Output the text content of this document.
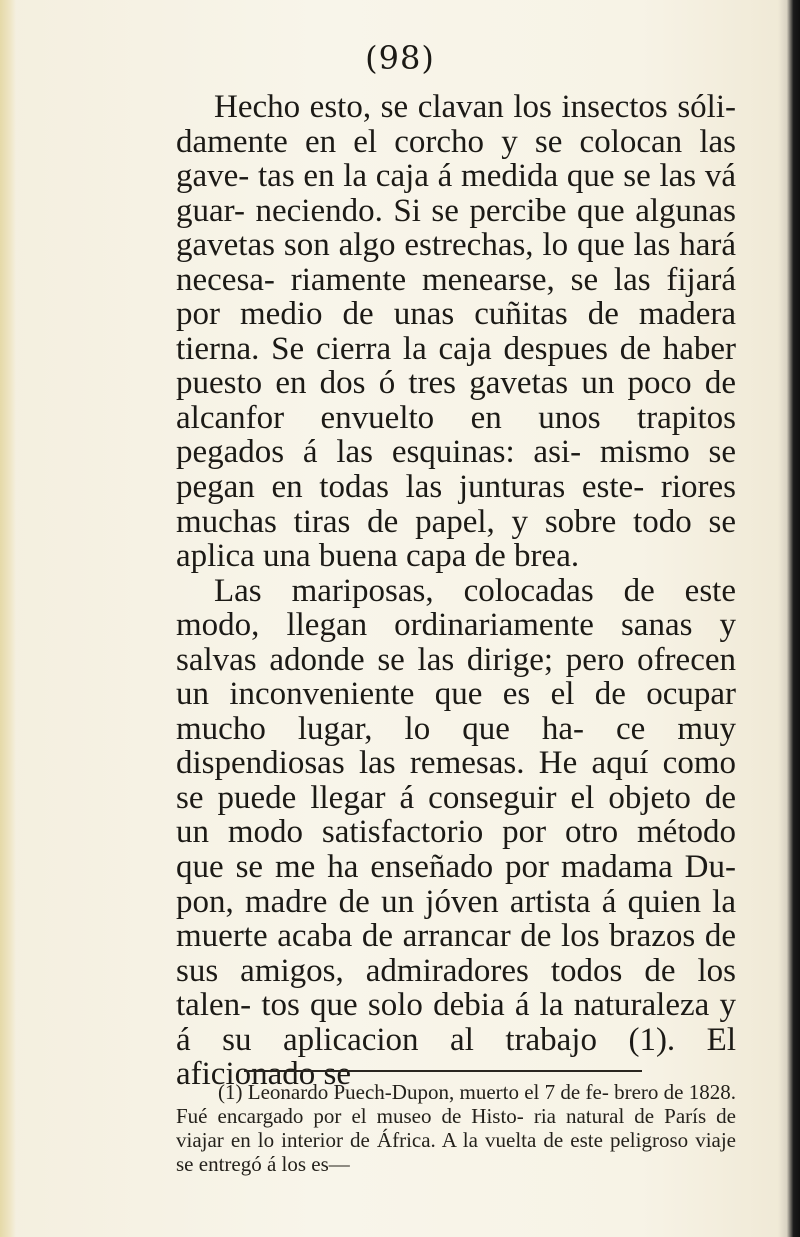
(98)

Hecho esto, se clavan los insectos sóli- damente en el corcho y se colocan las gave- tas en la caja á medida que se las vá guar- neciendo. Si se percibe que algunas gavetas son algo estrechas, lo que las hará necesa- riamente menearse, se las fijará por medio de unas cuñitas de madera tierna. Se cierra la caja despues de haber puesto en dos ó tres gavetas un poco de alcanfor envuelto en unos trapitos pegados á las esquinas: asi- mismo se pegan en todas las junturas este- riores muchas tiras de papel, y sobre todo se aplica una buena capa de brea.

Las mariposas, colocadas de este modo, llegan ordinariamente sanas y salvas adonde se las dirige; pero ofrecen un inconveniente que es el de ocupar mucho lugar, lo que ha- ce muy dispendiosas las remesas. He aquí como se puede llegar á conseguir el objeto de un modo satisfactorio por otro método que se me ha enseñado por madama Du- pon, madre de un jóven artista á quien la muerte acaba de arrancar de los brazos de sus amigos, admiradores todos de los talen- tos que solo debia á la naturaleza y á su aplicacion al trabajo (1). El aficionado se

(1) Leonardo Puech-Dupon, muerto el 7 de fe- brero de 1828. Fué encargado por el museo de Histo- ria natural de París de viajar en lo interior de África. A la vuelta de este peligroso viaje se entregó á los es—
